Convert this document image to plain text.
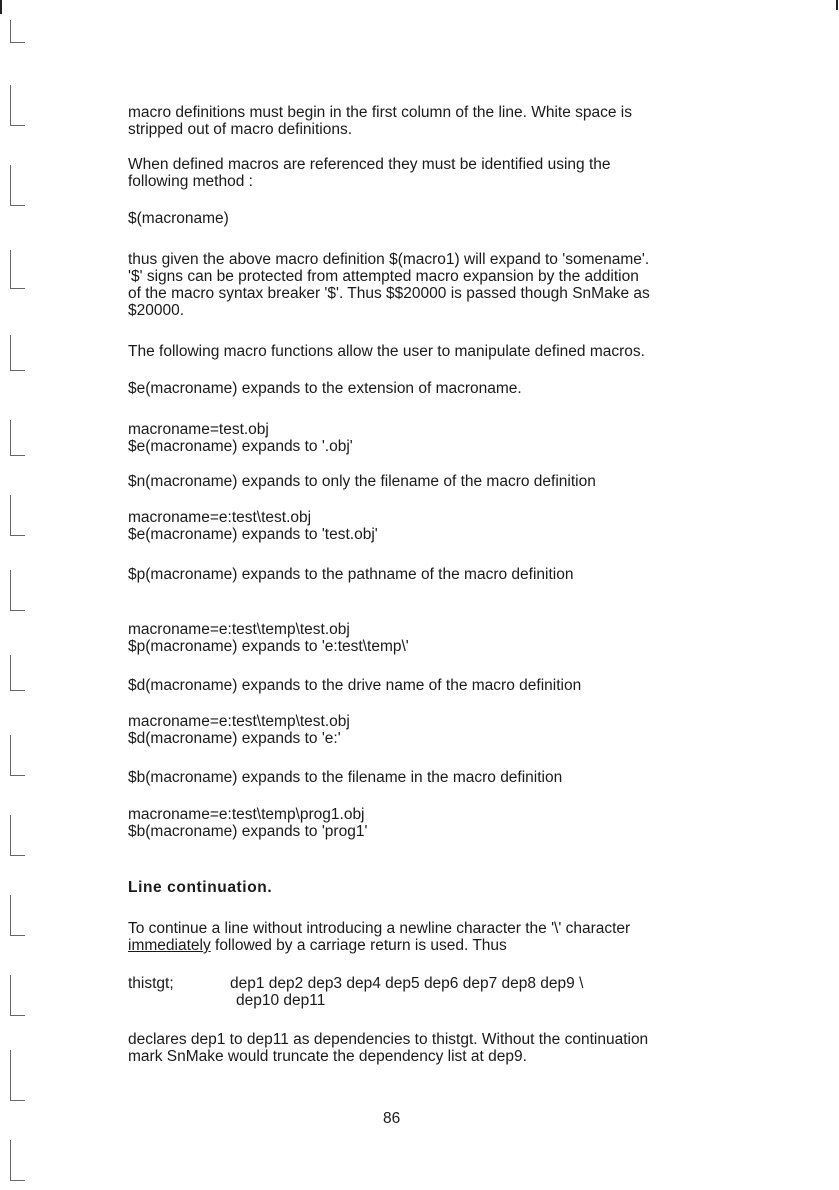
macro definitions must begin in the first column of the line. White space is
stripped out of macro definitions.

When defined macros are referenced they must be identified using the
following method :

$(macroname)

thus given the above macro definition $(macro1) will expand to 'somename'.
'$' signs can be protected from attempted macro expansion by the addition
of the macro syntax breaker '$'. Thus $$20000 is passed though SnMake as
$20000.

The following macro functions allow the user to manipulate defined macros.

$e(macroname) expands to the extension of macroname.

macroname=test.obj
$e(macroname) expands to '.obj'

$n(macroname) expands to only the filename of the macro definition

macroname=e:test\test.obj
$e(macroname) expands to 'test.obj'

$p(macroname) expands to the pathname of the macro definition

macroname=e:test\temp\test.obj
$p(macroname) expands to 'e:test\temp\'

$d(macroname) expands to the drive name of the macro definition

macroname=e:test\temp\test.obj
$d(macroname) expands to 'e:'

$b(macroname) expands to the filename in the macro definition

macroname=e:test\temp\prog1.obj
$b(macroname) expands to 'prog1'

Line continuation.

To continue a line without introducing a newline character the '\' character
immediately followed by a carriage return is used. Thus

thistgt;	dep1 dep2 dep3 dep4 dep5 dep6 dep7 dep8 dep9 \
dep10 dep11

declares dep1 to dep11 as dependencies to thistgt. Without the continuation
mark SnMake would truncate the dependency list at dep9.

86
